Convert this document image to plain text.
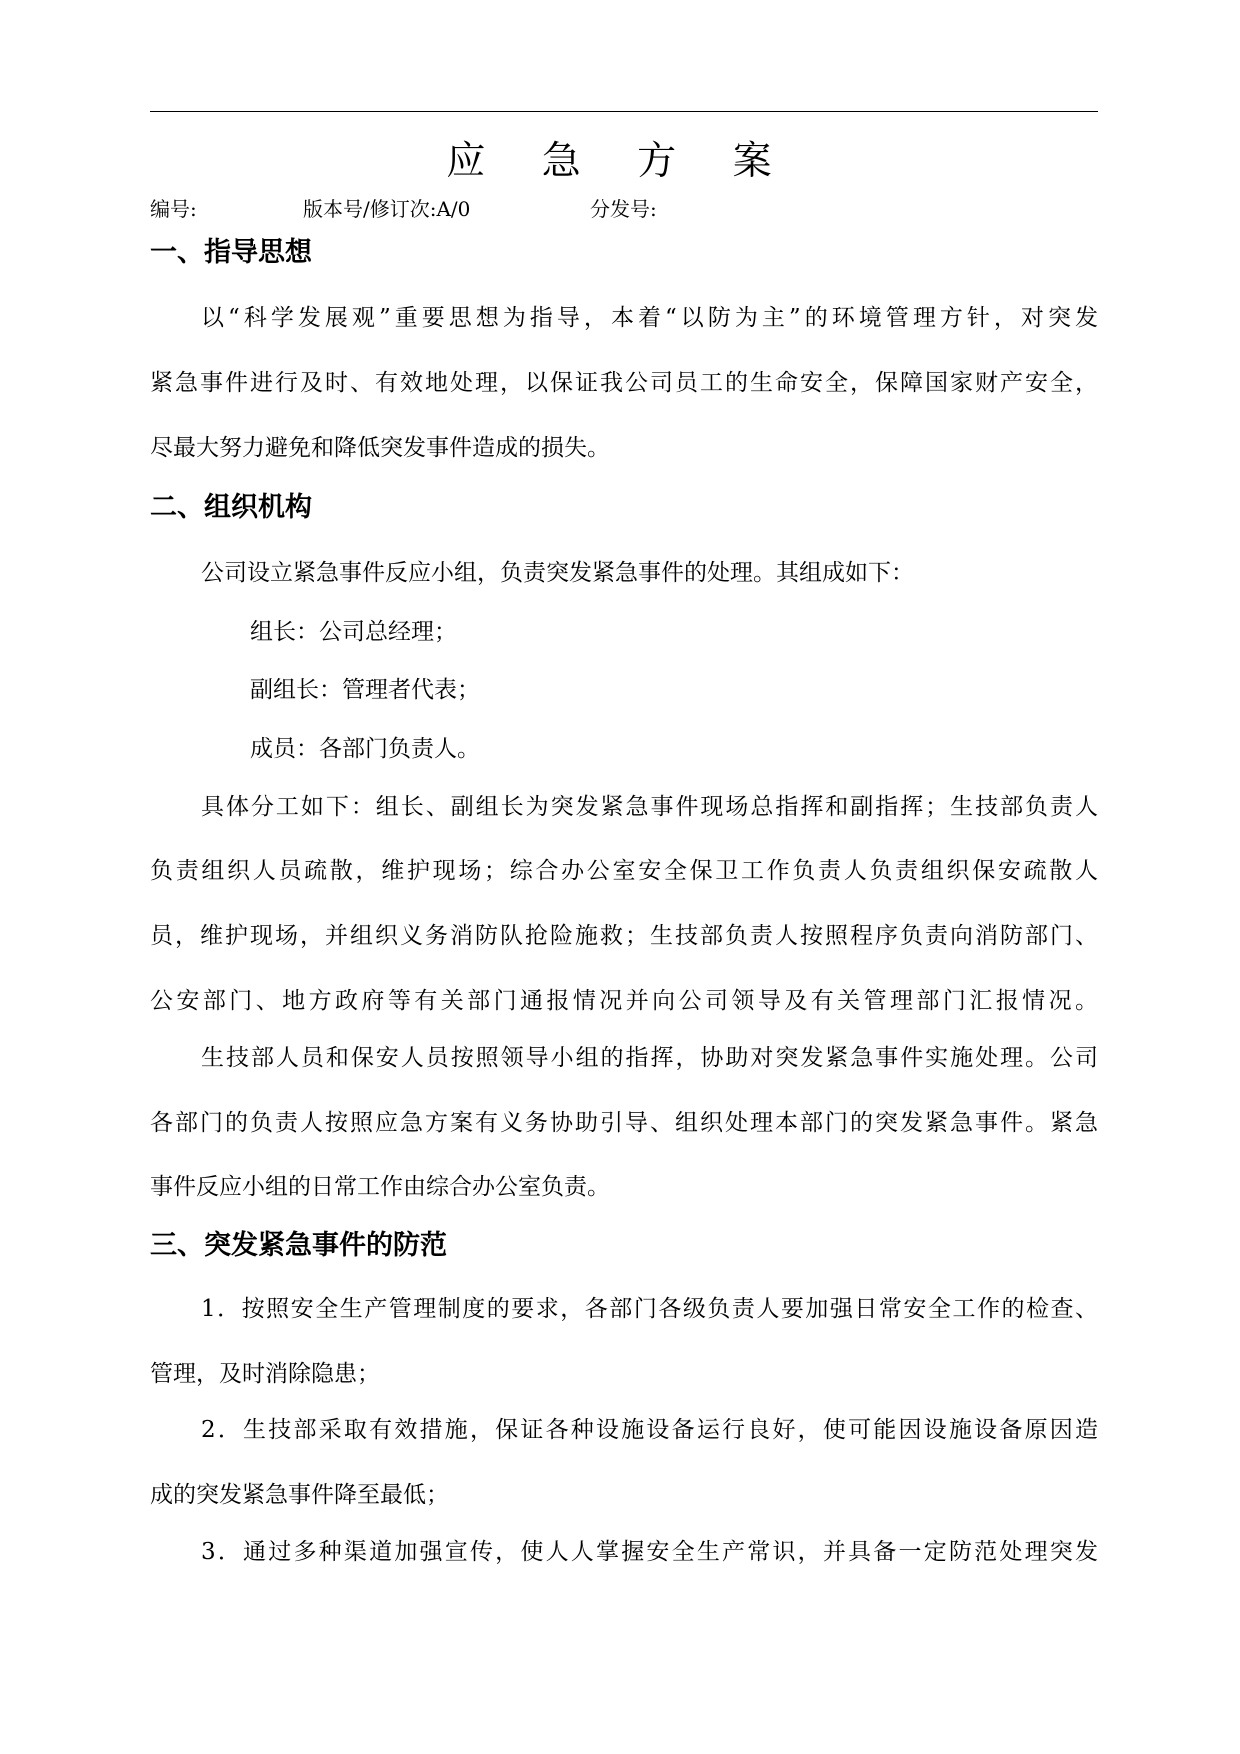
应 急 方 案
编号:	版本号/修订次:A/0	分发号:
一、指导思想
以“科学发展观”重要思想为指导，本着“以防为主”的环境管理方针，对突发
紧急事件进行及时、有效地处理，以保证我公司员工的生命安全，保障国家财产安全，
尽最大努力避免和降低突发事件造成的损失。
二、组织机构
公司设立紧急事件反应小组，负责突发紧急事件的处理。其组成如下：
组长：公司总经理；
副组长：管理者代表；
成员：各部门负责人。
具体分工如下：组长、副组长为突发紧急事件现场总指挥和副指挥；生技部负责人
负责组织人员疏散，维护现场；综合办公室安全保卫工作负责人负责组织保安疏散人
员，维护现场，并组织义务消防队抢险施救；生技部负责人按照程序负责向消防部门、
公安部门、地方政府等有关部门通报情况并向公司领导及有关管理部门汇报情况。
生技部人员和保安人员按照领导小组的指挥，协助对突发紧急事件实施处理。公司
各部门的负责人按照应急方案有义务协助引导、组织处理本部门的突发紧急事件。紧急
事件反应小组的日常工作由综合办公室负责。
三、突发紧急事件的防范
1．按照安全生产管理制度的要求，各部门各级负责人要加强日常安全工作的检查、
管理，及时消除隐患；
2．生技部采取有效措施，保证各种设施设备运行良好，使可能因设施设备原因造
成的突发紧急事件降至最低；
3．通过多种渠道加强宣传，使人人掌握安全生产常识，并具备一定防范处理突发
